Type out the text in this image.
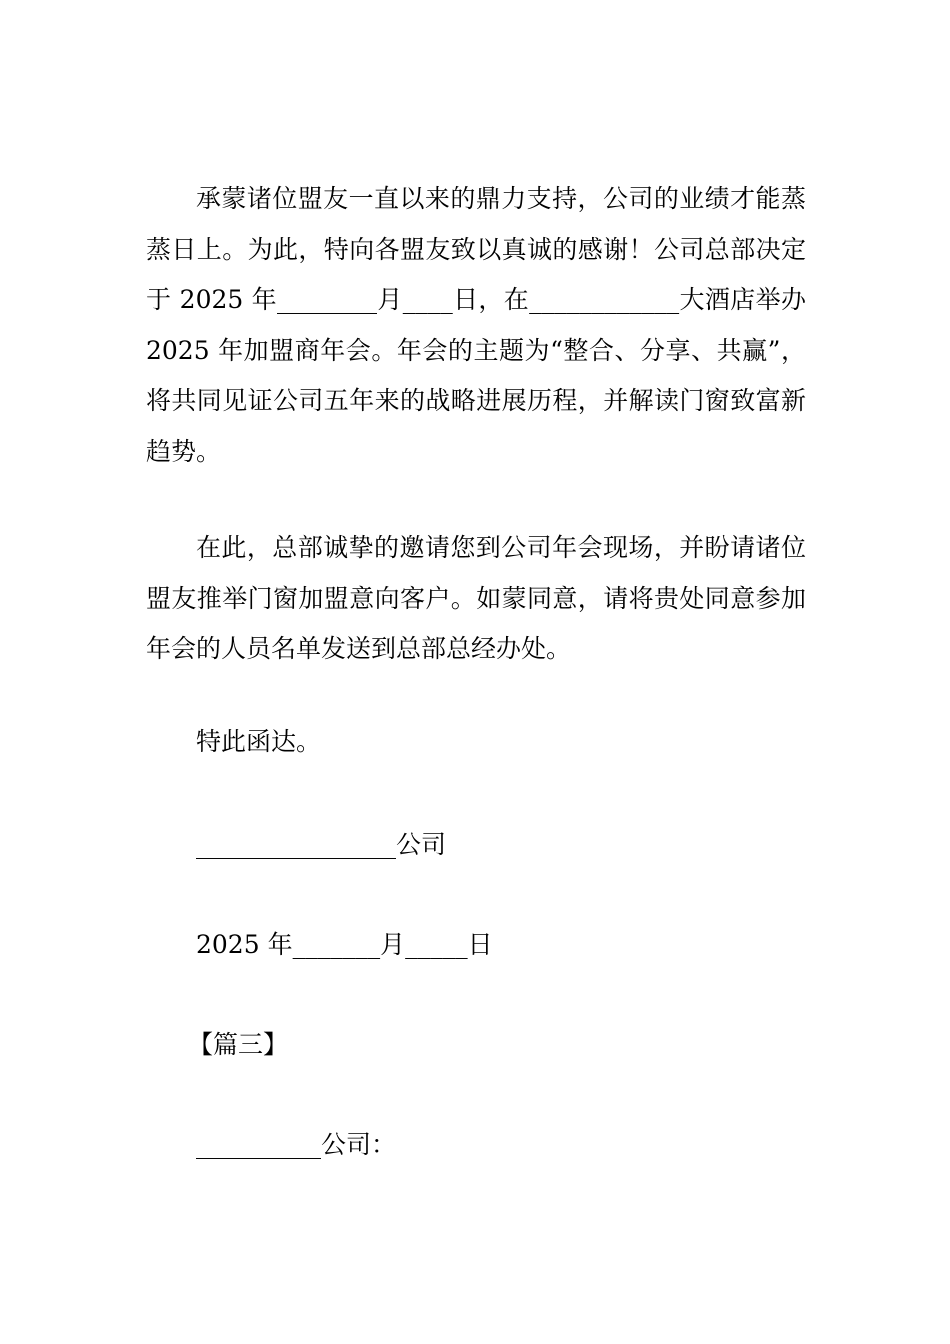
承蒙诸位盟友一直以来的鼎力支持，公司的业绩才能蒸蒸日上。为此，特向各盟友致以真诚的感谢！公司总部决定于 2025 年________月____日，在____________大酒店举办 2025 年加盟商年会。年会的主题为“整合、分享、共赢”，将共同见证公司五年来的战略进展历程，并解读门窗致富新趋势。
在此，总部诚挚的邀请您到公司年会现场，并盼请诸位盟友推举门窗加盟意向客户。如蒙同意，请将贵处同意参加年会的人员名单发送到总部总经办处。
特此函达。
________________公司
2025 年_______月_____日
【篇三】
__________公司：
